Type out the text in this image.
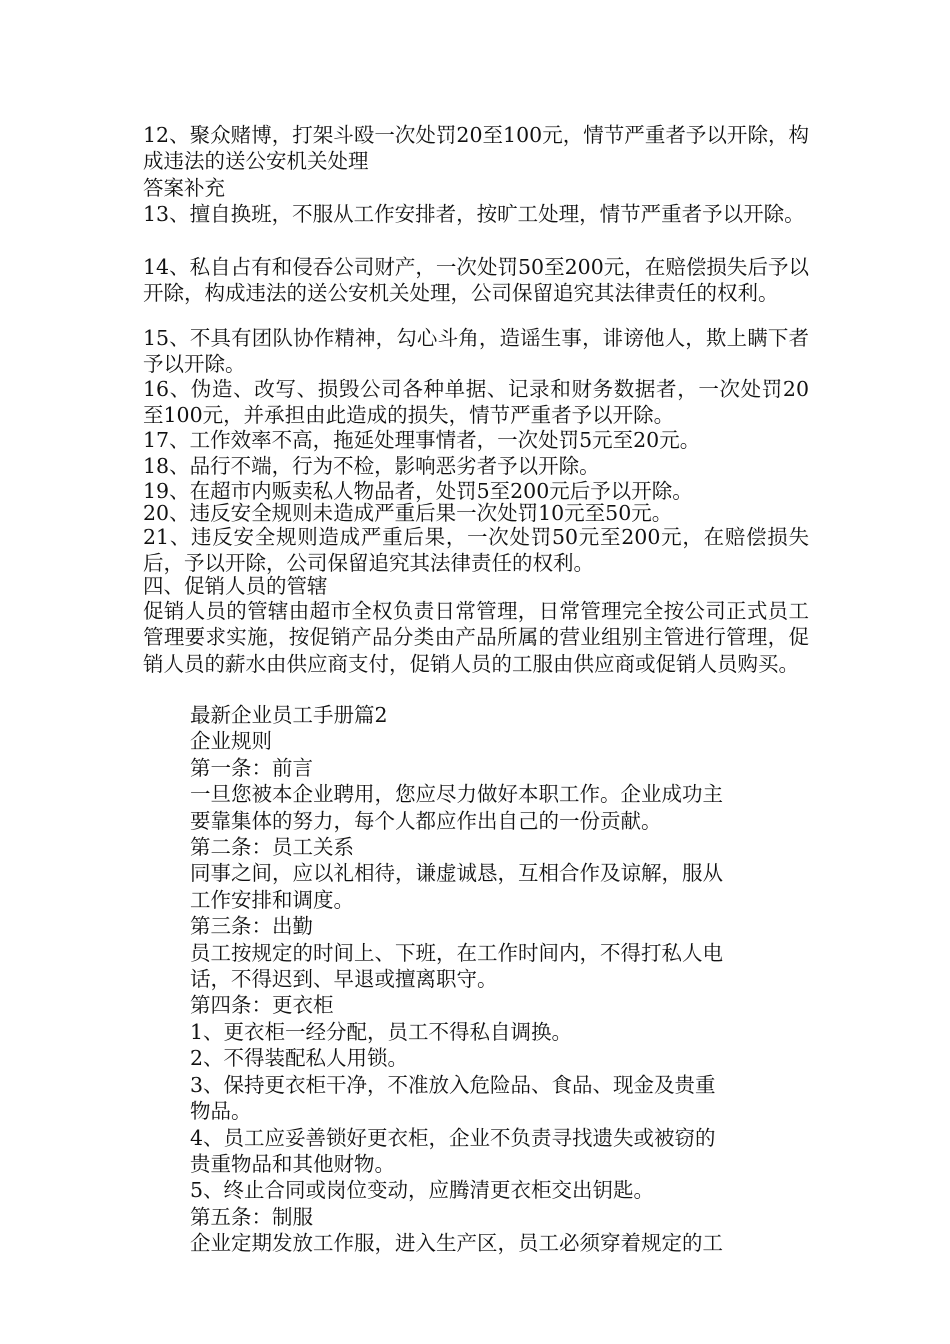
12、聚众赌博，打架斗殴一次处罚20至100元，情节严重者予以开除，构成违法的送公安机关处理
答案补充
13、擅自换班，不服从工作安排者，按旷工处理，情节严重者予以开除。
14、私自占有和侵吞公司财产，一次处罚50至200元，在赔偿损失后予以开除，构成违法的送公安机关处理，公司保留追究其法律责任的权利。
15、不具有团队协作精神，勾心斗角，造谣生事，诽谤他人，欺上瞒下者予以开除。
16、伪造、改写、损毁公司各种单据、记录和财务数据者，一次处罚20至100元，并承担由此造成的损失，情节严重者予以开除。
17、工作效率不高，拖延处理事情者，一次处罚5元至20元。
18、品行不端，行为不检，影响恶劣者予以开除。
19、在超市内贩卖私人物品者，处罚5至200元后予以开除。
20、违反安全规则未造成严重后果一次处罚10元至50元。
21、违反安全规则造成严重后果，一次处罚50元至200元，在赔偿损失后，予以开除，公司保留追究其法律责任的权利。
四、促销人员的管辖
促销人员的管辖由超市全权负责日常管理，日常管理完全按公司正式员工管理要求实施，按促销产品分类由产品所属的营业组别主管进行管理，促销人员的薪水由供应商支付，促销人员的工服由供应商或促销人员购买。
最新企业员工手册篇2
企业规则
第一条：前言
一旦您被本企业聘用，您应尽力做好本职工作。企业成功主
要靠集体的努力，每个人都应作出自己的一份贡献。
第二条：员工关系
同事之间，应以礼相待，谦虚诚恳，互相合作及谅解，服从
工作安排和调度。
第三条：出勤
员工按规定的时间上、下班，在工作时间内，不得打私人电
话，不得迟到、早退或擅离职守。
第四条：更衣柜
1、更衣柜一经分配，员工不得私自调换。
2、不得装配私人用锁。
3、保持更衣柜干净，不准放入危险品、食品、现金及贵重
物品。
4、员工应妥善锁好更衣柜，企业不负责寻找遗失或被窃的
贵重物品和其他财物。
5、终止合同或岗位变动，应腾清更衣柜交出钥匙。
第五条：制服
企业定期发放工作服，进入生产区，员工必须穿着规定的工
